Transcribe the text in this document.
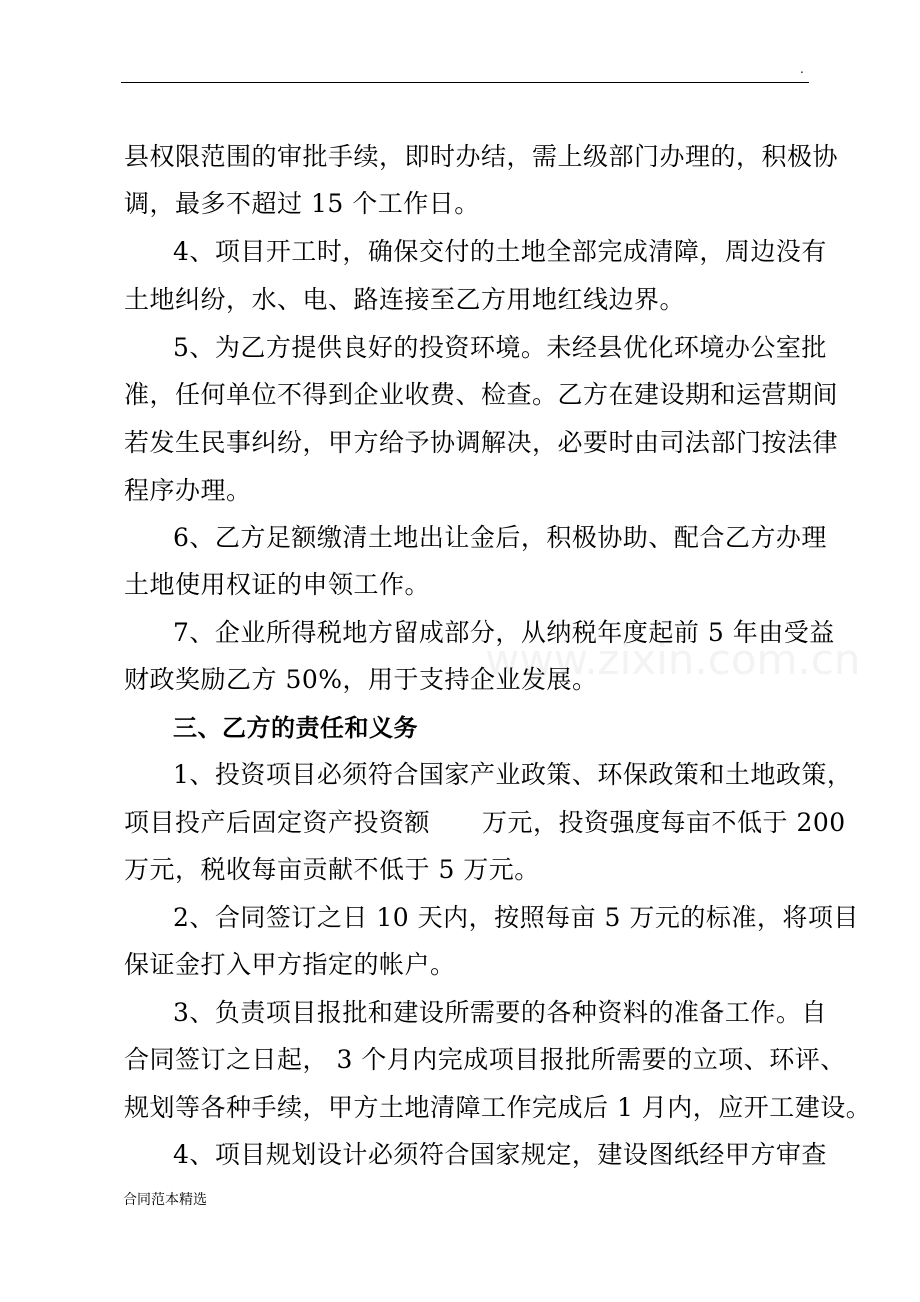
.
www.zixin.com.cn
县权限范围的审批手续，即时办结，需上级部门办理的，积极协
调，最多不超过 15 个工作日。
4、项目开工时，确保交付的土地全部完成清障，周边没有
土地纠纷，水、电、路连接至乙方用地红线边界。
5、为乙方提供良好的投资环境。未经县优化环境办公室批
准，任何单位不得到企业收费、检查。乙方在建设期和运营期间
若发生民事纠纷，甲方给予协调解决，必要时由司法部门按法律
程序办理。
6、乙方足额缴清土地出让金后，积极协助、配合乙方办理
土地使用权证的申领工作。
7、企业所得税地方留成部分，从纳税年度起前 5 年由受益
财政奖励乙方 50%，用于支持企业发展。
三、乙方的责任和义务
1、投资项目必须符合国家产业政策、环保政策和土地政策，
项目投产后固定资产投资额 万元，投资强度每亩不低于 200
万元，税收每亩贡献不低于 5 万元。
2、合同签订之日 10 天内，按照每亩 5 万元的标准，将项目
保证金打入甲方指定的帐户。
3、负责项目报批和建设所需要的各种资料的准备工作。自
合同签订之日起， 3 个月内完成项目报批所需要的立项、环评、
规划等各种手续，甲方土地清障工作完成后 1 月内，应开工建设。
4、项目规划设计必须符合国家规定，建设图纸经甲方审查
合同范本精选
